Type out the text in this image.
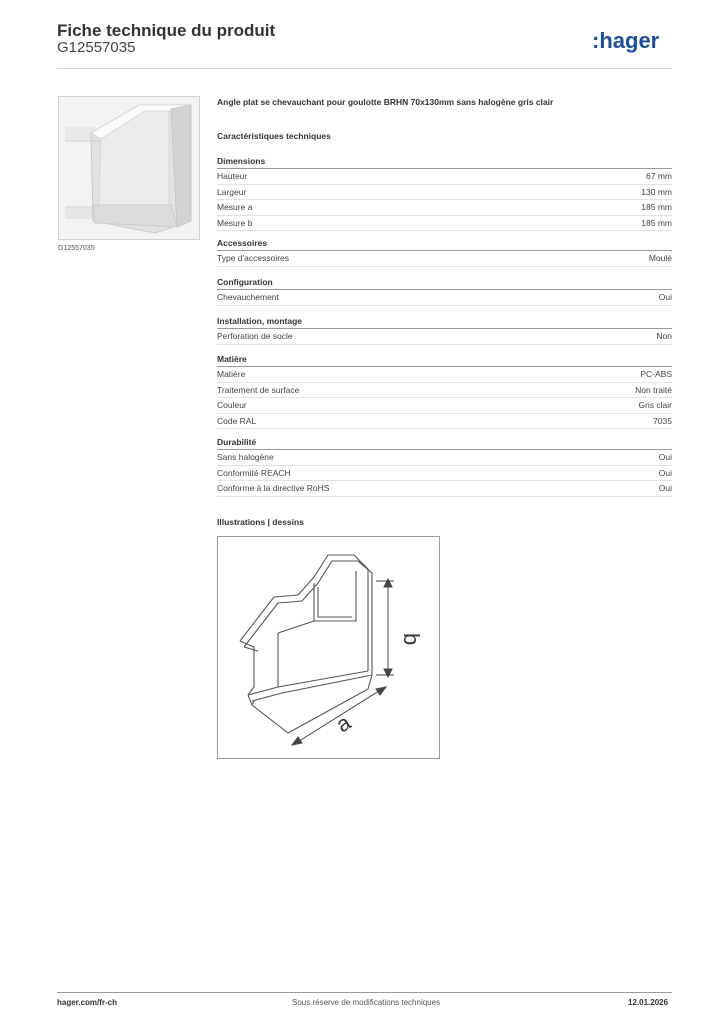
Fiche technique du produit
G12557035	:hager
G12557035
Angle plat se chevauchant pour goulotte BRHN 70x130mm sans halogène gris clair
Caractéristiques techniques
Dimensions
Hauteur	67 mm
Largeur	130 mm
Mesure a	185 mm
Mesure b	185 mm
Accessoires
Type d'accessoires	Moulé
Configuration
Chevauchement	Oui
Installation, montage
Perforation de socle	Non
Matière
Matière	PC-ABS
Traitement de surface	Non traité
Couleur	Gris clair
Code RAL	7035
Durabilité
Sans halogène	Oui
Conformité REACH	Oui
Conforme à la directive RoHS	Oui
Illustrations | dessins
b
a
hager.com/fr-ch	Sous réserve de modifications techniques	12.01.2026
